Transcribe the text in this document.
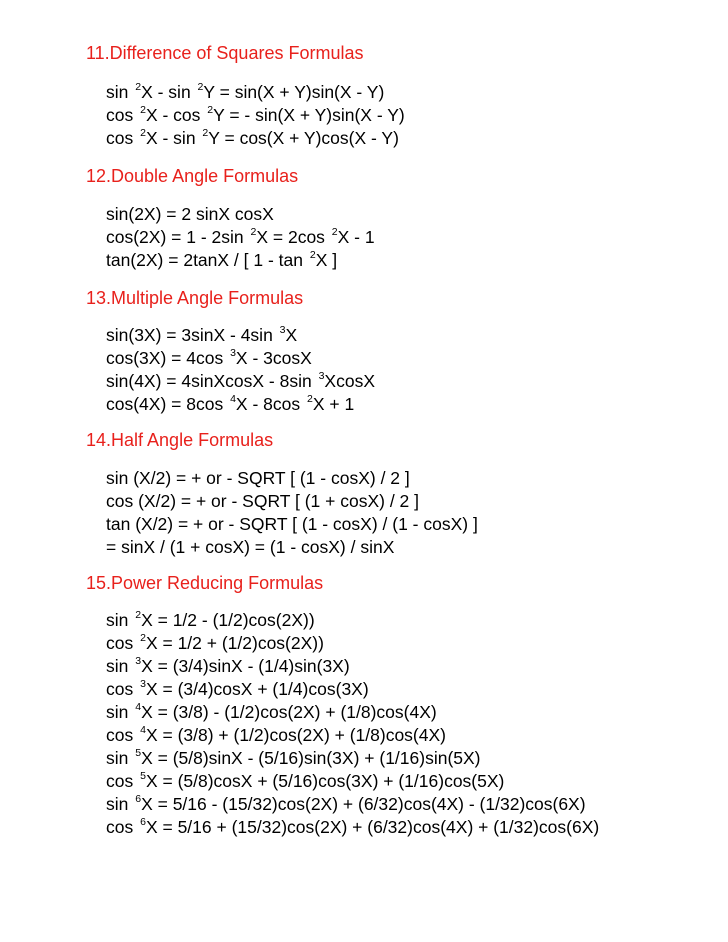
11.Difference of Squares Formulas
sin $^2$X - sin $^2$Y = sin(X + Y)sin(X - Y)
cos $^2$X - cos $^2$Y = - sin(X + Y)sin(X - Y)
cos $^2$X - sin $^2$Y = cos(X + Y)cos(X - Y)
12.Double Angle Formulas
sin(2X) = 2 sinX cosX
cos(2X) = 1 - 2sin $^2$X = 2cos $^2$X - 1
tan(2X) = 2tanX / [ 1 - tan $^2$X ]
13.Multiple Angle Formulas
sin(3X) = 3sinX - 4sin $^3$X
cos(3X) = 4cos $^3$X - 3cosX
sin(4X) = 4sinXcosX - 8sin $^3$XcosX
cos(4X) = 8cos $^4$X - 8cos $^2$X + 1
14.Half Angle Formulas
sin (X/2) = + or - SQRT [ (1 - cosX) / 2 ]
cos (X/2) = + or - SQRT [ (1 + cosX) / 2 ]
tan (X/2) = + or - SQRT [ (1 - cosX) / (1 - cosX) ]
= sinX / (1 + cosX) = (1 - cosX) / sinX
15.Power Reducing Formulas
sin $^2$X = 1/2 - (1/2)cos(2X))
cos $^2$X = 1/2 + (1/2)cos(2X))
sin $^3$X = (3/4)sinX - (1/4)sin(3X)
cos $^3$X = (3/4)cosX + (1/4)cos(3X)
sin $^4$X = (3/8) - (1/2)cos(2X) + (1/8)cos(4X)
cos $^4$X = (3/8) + (1/2)cos(2X) + (1/8)cos(4X)
sin $^5$X = (5/8)sinX - (5/16)sin(3X) + (1/16)sin(5X)
cos $^5$X = (5/8)cosX + (5/16)cos(3X) + (1/16)cos(5X)
sin $^6$X = 5/16 - (15/32)cos(2X) + (6/32)cos(4X) - (1/32)cos(6X)
cos $^6$X = 5/16 + (15/32)cos(2X) + (6/32)cos(4X) + (1/32)cos(6X)
